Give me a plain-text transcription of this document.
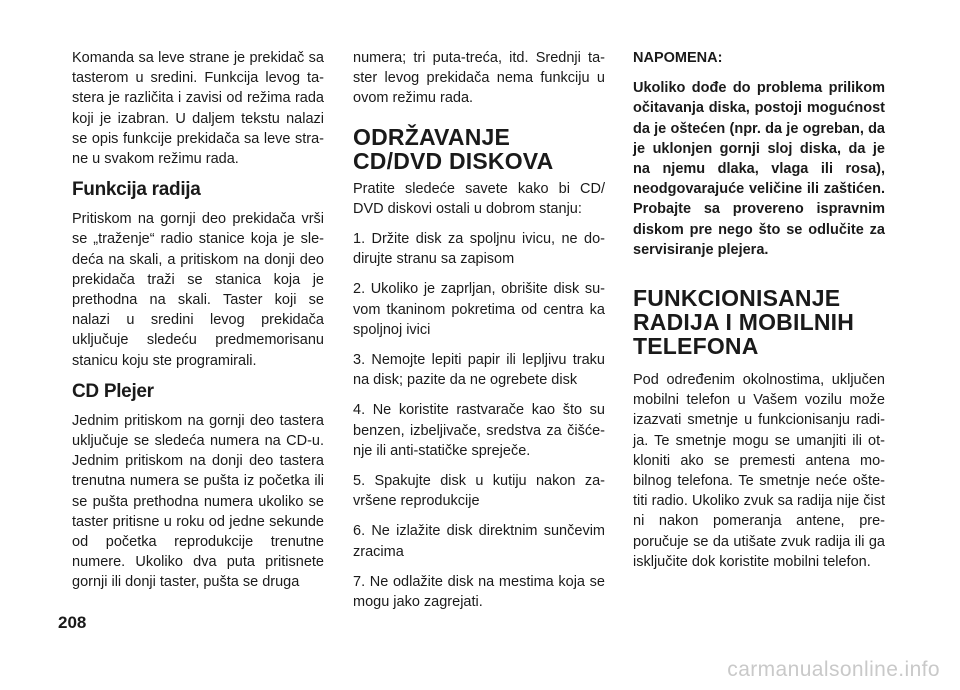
Komanda sa leve strane je prekidač sa tasterom u sredini. Funkcija levog tastera je različita i zavisi od režima rada koji je izabran. U daljem tekstu nalazi se opis funkcije prekidača sa leve strane u svakom režimu rada.

Funkcija radija

Pritiskom na gornji deo prekidača vrši se „traženje“ radio stanice koja je sledeća na skali, a pritiskom na donji deo prekidača traži se stanica koja je prethodna na skali. Taster koji se nalazi u sredini levog prekidača uključuje sledeću predmemorisanu stanicu koju ste programirali.

CD Plejer

Jednim pritiskom na gornji deo tastera uključuje se sledeća numera na CD-u. Jednim pritiskom na donji deo tastera trenutna numera se pušta iz početka ili se pušta prethodna numera ukoliko se taster pritisne u roku od jedne sekunde od početka reprodukcije trenutne numere. Ukoliko dva puta pritisnete gornji ili donji taster, pušta se druga

numera; tri puta-treća, itd. Srednji taster levog prekidača nema funkciju u ovom režimu rada.

ODRŽAVANJE CD/DVD DISKOVA

Pratite sledeće savete kako bi CD/ DVD diskovi ostali u dobrom stanju:

1. Držite disk za spoljnu ivicu, ne dodirujte stranu sa zapisom

2. Ukoliko je zaprljan, obrišite disk suvom tkaninom pokretima od centra ka spoljnoj ivici

3. Nemojte lepiti papir ili lepljivu traku na disk; pazite da ne ogrebete disk

4. Ne koristite rastvarače kao što su benzen, izbeljivače, sredstva za čišćenje ili anti-statičke spreječe.

5. Spakujte disk u kutiju nakon završene reprodukcije

6. Ne izlažite disk direktnim sunčevim zracima

7. Ne odlažite disk na mestima koja se mogu jako zagrejati.

NAPOMENA:

Ukoliko dođe do problema prilikom očitavanja diska, postoji mogućnost da je oštećen (npr. da je ogreban, da je uklonjen gornji sloj diska, da je na njemu dlaka, vlaga ili rosa), neodgovarajuće veličine ili zaštićen. Probajte sa provereno ispravnim diskom pre nego što se odlučite za servisiranje plejera.

FUNKCIONISANJE RADIJA I MOBILNIH TELEFONA

Pod određenim okolnostima, uključen mobilni telefon u Vašem vozilu može izazvati smetnje u funkcionisanju radija. Te smetnje mogu se umanjiti ili otkloniti ako se premesti antena mobilnog telefona. Te smetnje neće oštetiti radio. Ukoliko zvuk sa radija nije čist ni nakon pomeranja antene, preporučuje se da utišate zvuk radija ili ga isključite dok koristite mobilni telefon.

208
carmanualsonline.info
